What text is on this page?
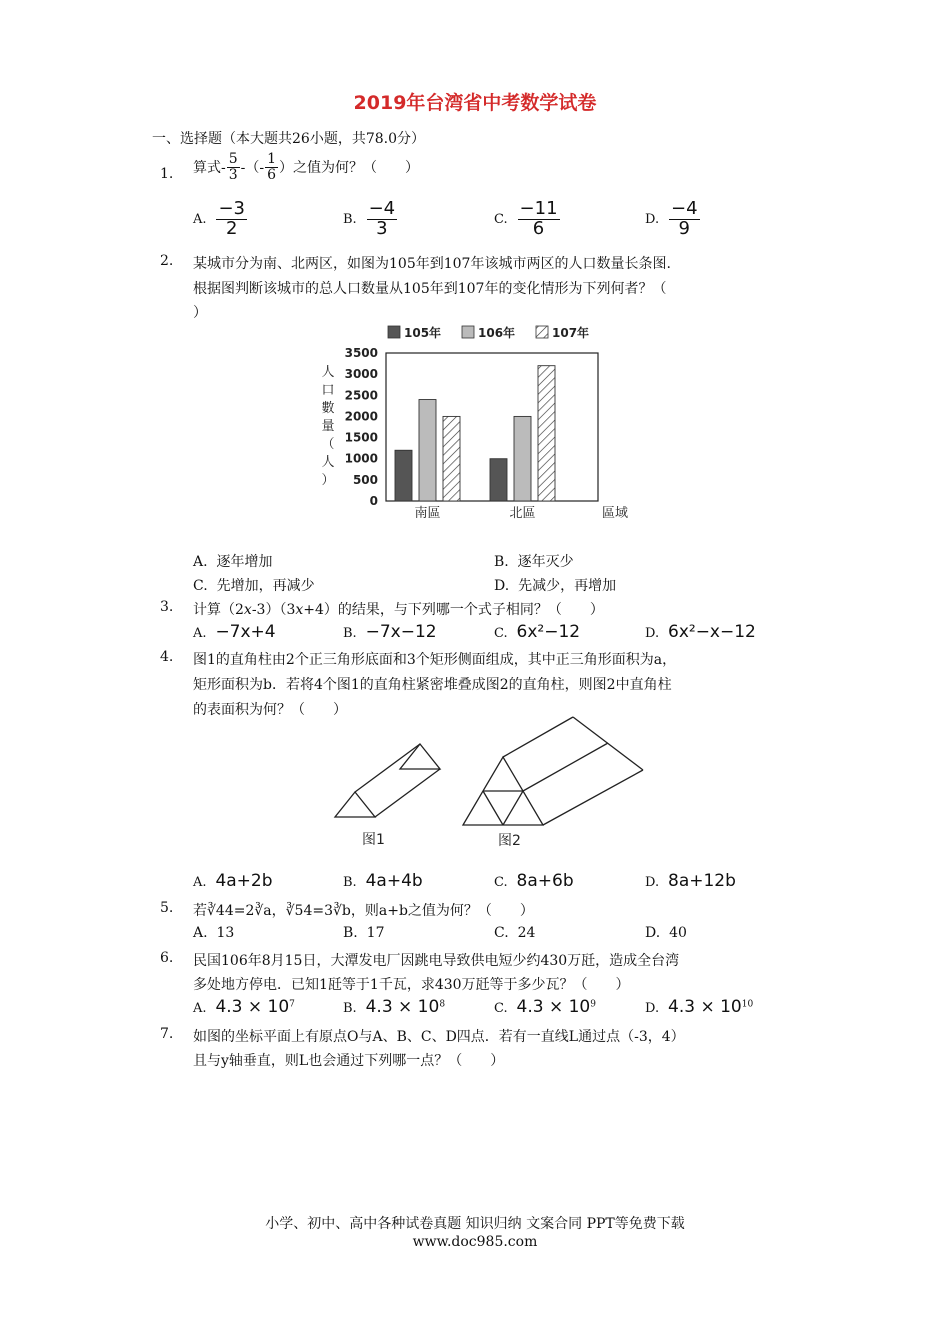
2019年台湾省中考数学试卷
一、选择题（本大题共26小题，共78.0分）
1.	算式- $\frac{5}{3}$ -（- $\frac{1}{6}$ ）之值为何？（　　）
A. $\frac{-3}{2}$	B. $\frac{-4}{3}$	C. $\frac{-11}{6}$	D. $\frac{-4}{9}$
2.	某城市分为南、北两区，如图为105年到107年该城市两区的人口数量长条图.
根据图判断该城市的总人口数量从105年到107年的变化情形为下列何者？（
）
105年	106年	107年
人
口
數
量
（
人
）
3500
3000
2500
2000
1500
1000
500
0
南區	北區	區域
A. 逐年增加	B. 逐年灭少
C. 先增加，再减少	D. 先减少，再增加
3.	计算（2x-3）（3x+4）的结果，与下列哪一个式子相同？（　　）
A. −7x+4	B. −7x−12	C. 6x²−12	D. 6x²−x−12
4.	图1的直角柱由2个正三角形底面和3个矩形侧面组成，其中正三角形面积为a，
矩形面积为b．若将4个图1的直角柱紧密堆叠成图2的直角柱，则图2中直角柱
的表面积为何？（　　）
图1	图2
A. 4a+2b	B. 4a+4b	C. 8a+6b	D. 8a+12b
5.	若∛44=2∛a，∛54=3∛b，则a+b之值为何？（　　）
A. 13	B. 17	C. 24	D. 40
6.	民国106年8月15日，大潭发电厂因跳电导致供电短少约430万瓩，造成全台湾
多处地方停电．已知1瓩等于1千瓦，求430万瓩等于多少瓦？（　　）
A. $4.3 \times 10^7$	B. $4.3 \times 10^8$	C. $4.3 \times 10^9$	D. $4.3 \times 10^{10}$
7.	如图的坐标平面上有原点O与A、B、C、D四点．若有一直线L通过点（-3，4）
且与y轴垂直，则L也会通过下列哪一点？（　　）
小学、初中、高中各种试卷真题 知识归纳 文案合同 PPT等免费下载
www.doc985.com
